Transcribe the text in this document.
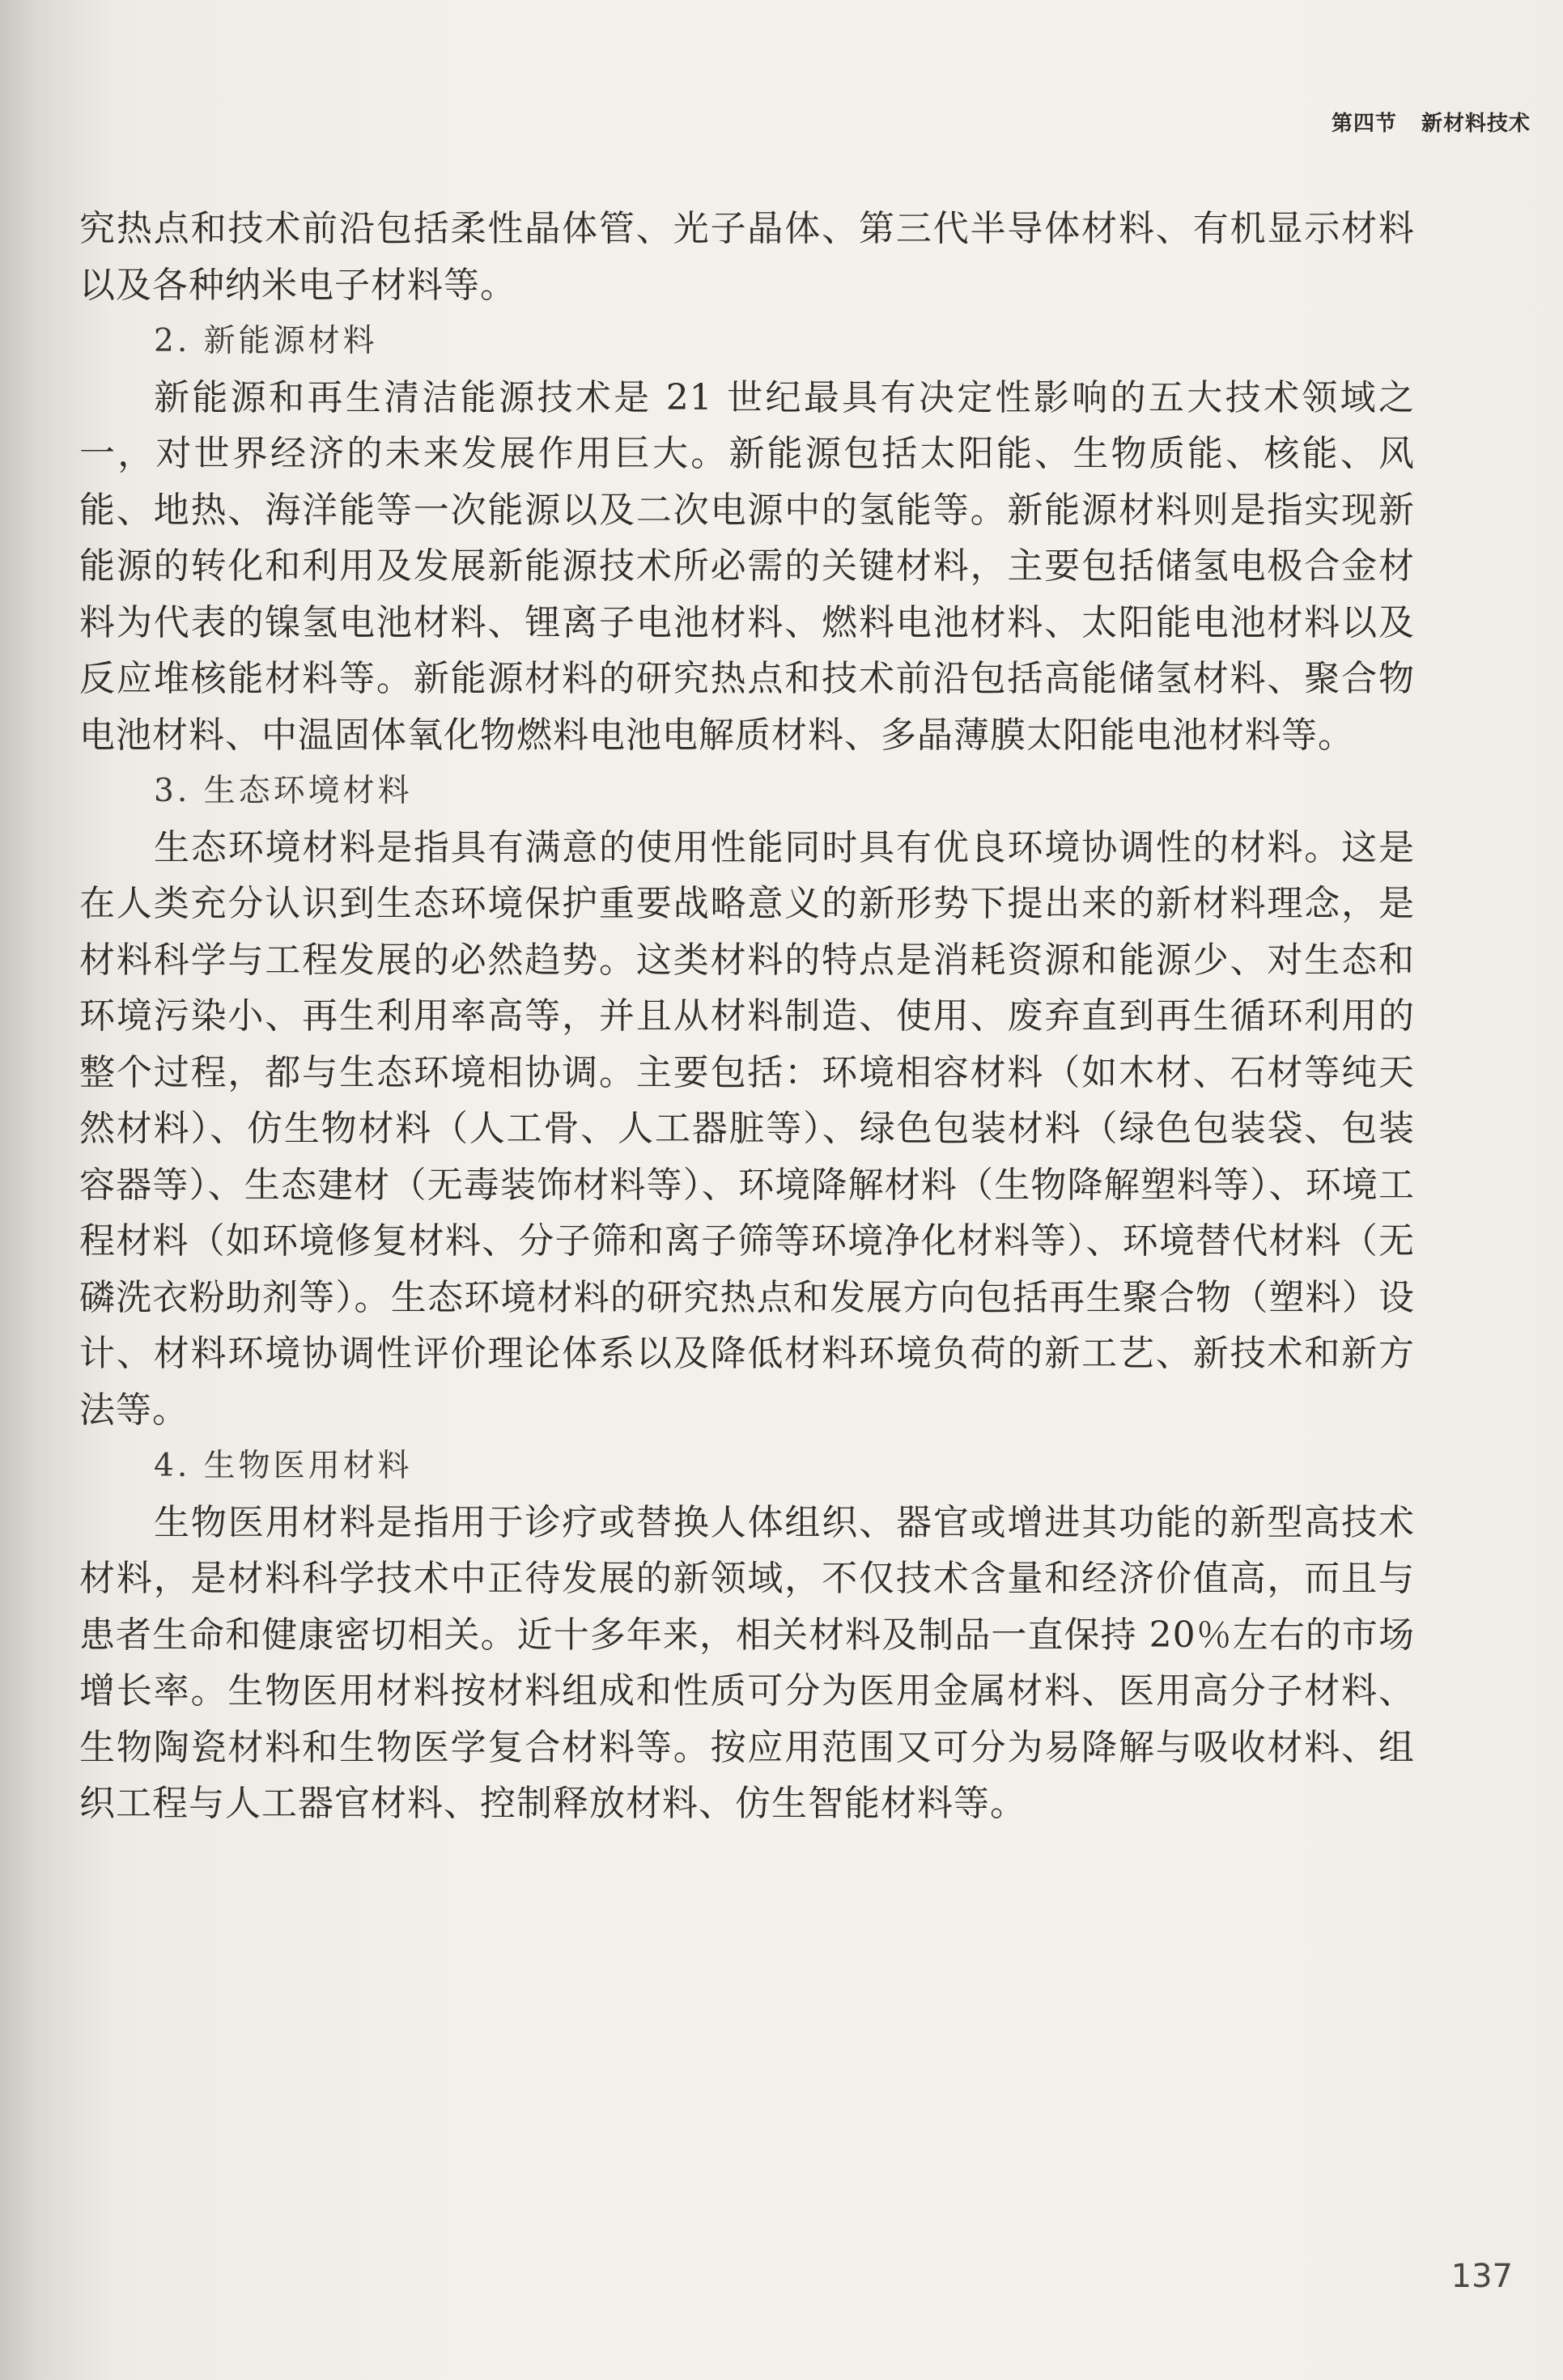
第四节 新材料技术

究热点和技术前沿包括柔性晶体管、光子晶体、第三代半导体材料、有机显示材料以及各种纳米电子材料等。

2. 新能源材料

新能源和再生清洁能源技术是 21 世纪最具有决定性影响的五大技术领域之一，对世界经济的未来发展作用巨大。新能源包括太阳能、生物质能、核能、风能、地热、海洋能等一次能源以及二次电源中的氢能等。新能源材料则是指实现新能源的转化和利用及发展新能源技术所必需的关键材料，主要包括储氢电极合金材料为代表的镍氢电池材料、锂离子电池材料、燃料电池材料、太阳能电池材料以及反应堆核能材料等。新能源材料的研究热点和技术前沿包括高能储氢材料、聚合物电池材料、中温固体氧化物燃料电池电解质材料、多晶薄膜太阳能电池材料等。

3. 生态环境材料

生态环境材料是指具有满意的使用性能同时具有优良环境协调性的材料。这是在人类充分认识到生态环境保护重要战略意义的新形势下提出来的新材料理念，是材料科学与工程发展的必然趋势。这类材料的特点是消耗资源和能源少、对生态和环境污染小、再生利用率高等，并且从材料制造、使用、废弃直到再生循环利用的整个过程，都与生态环境相协调。主要包括：环境相容材料（如木材、石材等纯天然材料）、仿生物材料（人工骨、人工器脏等）、绿色包装材料（绿色包装袋、包装容器等）、生态建材（无毒装饰材料等）、环境降解材料（生物降解塑料等）、环境工程材料（如环境修复材料、分子筛和离子筛等环境净化材料等）、环境替代材料（无磷洗衣粉助剂等）。生态环境材料的研究热点和发展方向包括再生聚合物（塑料）设计、材料环境协调性评价理论体系以及降低材料环境负荷的新工艺、新技术和新方法等。

4. 生物医用材料

生物医用材料是指用于诊疗或替换人体组织、器官或增进其功能的新型高技术材料，是材料科学技术中正待发展的新领域，不仅技术含量和经济价值高，而且与患者生命和健康密切相关。近十多年来，相关材料及制品一直保持 20％左右的市场增长率。生物医用材料按材料组成和性质可分为医用金属材料、医用高分子材料、生物陶瓷材料和生物医学复合材料等。按应用范围又可分为易降解与吸收材料、组织工程与人工器官材料、控制释放材料、仿生智能材料等。

137
